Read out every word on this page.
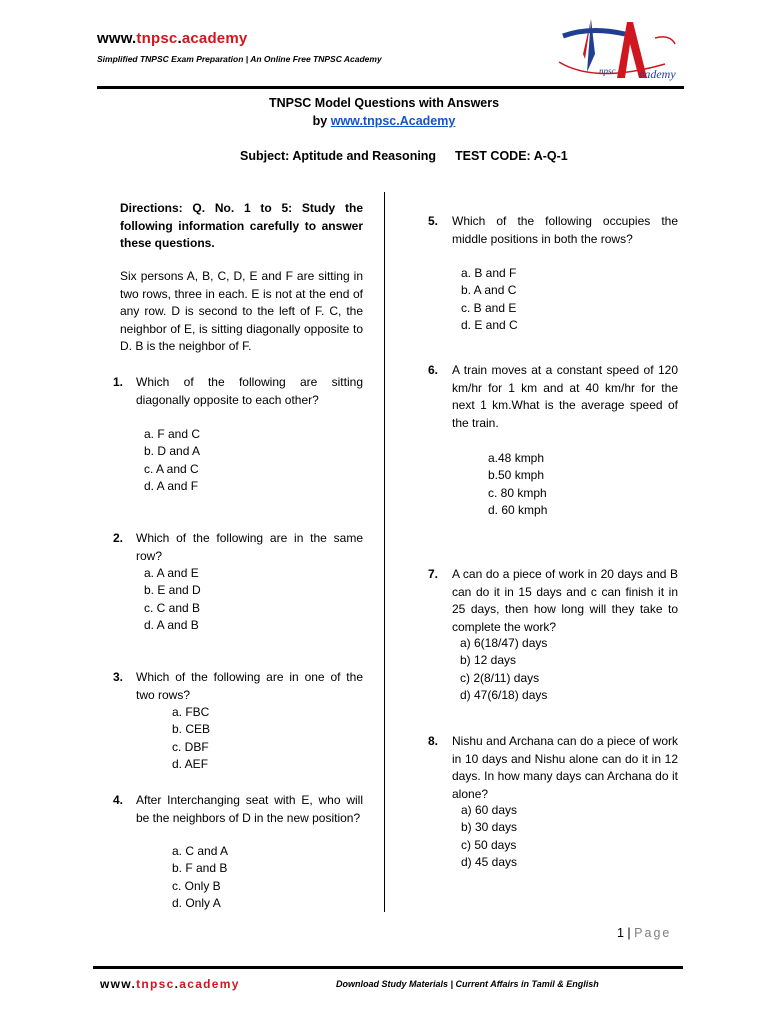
www.tnpsc.academy
Simplified TNPSC Exam Preparation | An Online Free TNPSC Academy
npsc cademy
TNPSC Model Questions with Answers
by www.tnpsc.Academy
Subject: Aptitude and Reasoning TEST CODE: A-Q-1
Directions: Q. No. 1 to 5: Study the following information carefully to answer these questions.
Six persons A, B, C, D, E and F are sitting in two rows, three in each. E is not at the end of any row. D is second to the left of F. C, the neighbor of E, is sitting diagonally opposite to D. B is the neighbor of F.
1. Which of the following are sitting diagonally opposite to each other?
a. F and C
b. D and A
c. A and C
d. A and F
2. Which of the following are in the same row?
a. A and E
b. E and D
c. C and B
d. A and B
3. Which of the following are in one of the two rows?
a. FBC
b. CEB
c. DBF
d. AEF
4. After Interchanging seat with E, who will be the neighbors of D in the new position?
a. C and A
b. F and B
c. Only B
d. Only A
5. Which of the following occupies the middle positions in both the rows?
a. B and F
b. A and C
c. B and E
d. E and C
6. A train moves at a constant speed of 120 km/hr for 1 km and at 40 km/hr for the next 1 km.What is the average speed of the train.
a.48 kmph
b.50 kmph
c. 80 kmph
d. 60 kmph
7. A can do a piece of work in 20 days and B can do it in 15 days and c can finish it in 25 days, then how long will they take to complete the work?
a) 6(18/47) days
b) 12 days
c) 2(8/11) days
d) 47(6/18) days
8. Nishu and Archana can do a piece of work in 10 days and Nishu alone can do it in 12 days. In how many days can Archana do it alone?
a) 60 days
b) 30 days
c) 50 days
d) 45 days
1 | Page
www.tnpsc.academy	Download Study Materials | Current Affairs in Tamil & English
